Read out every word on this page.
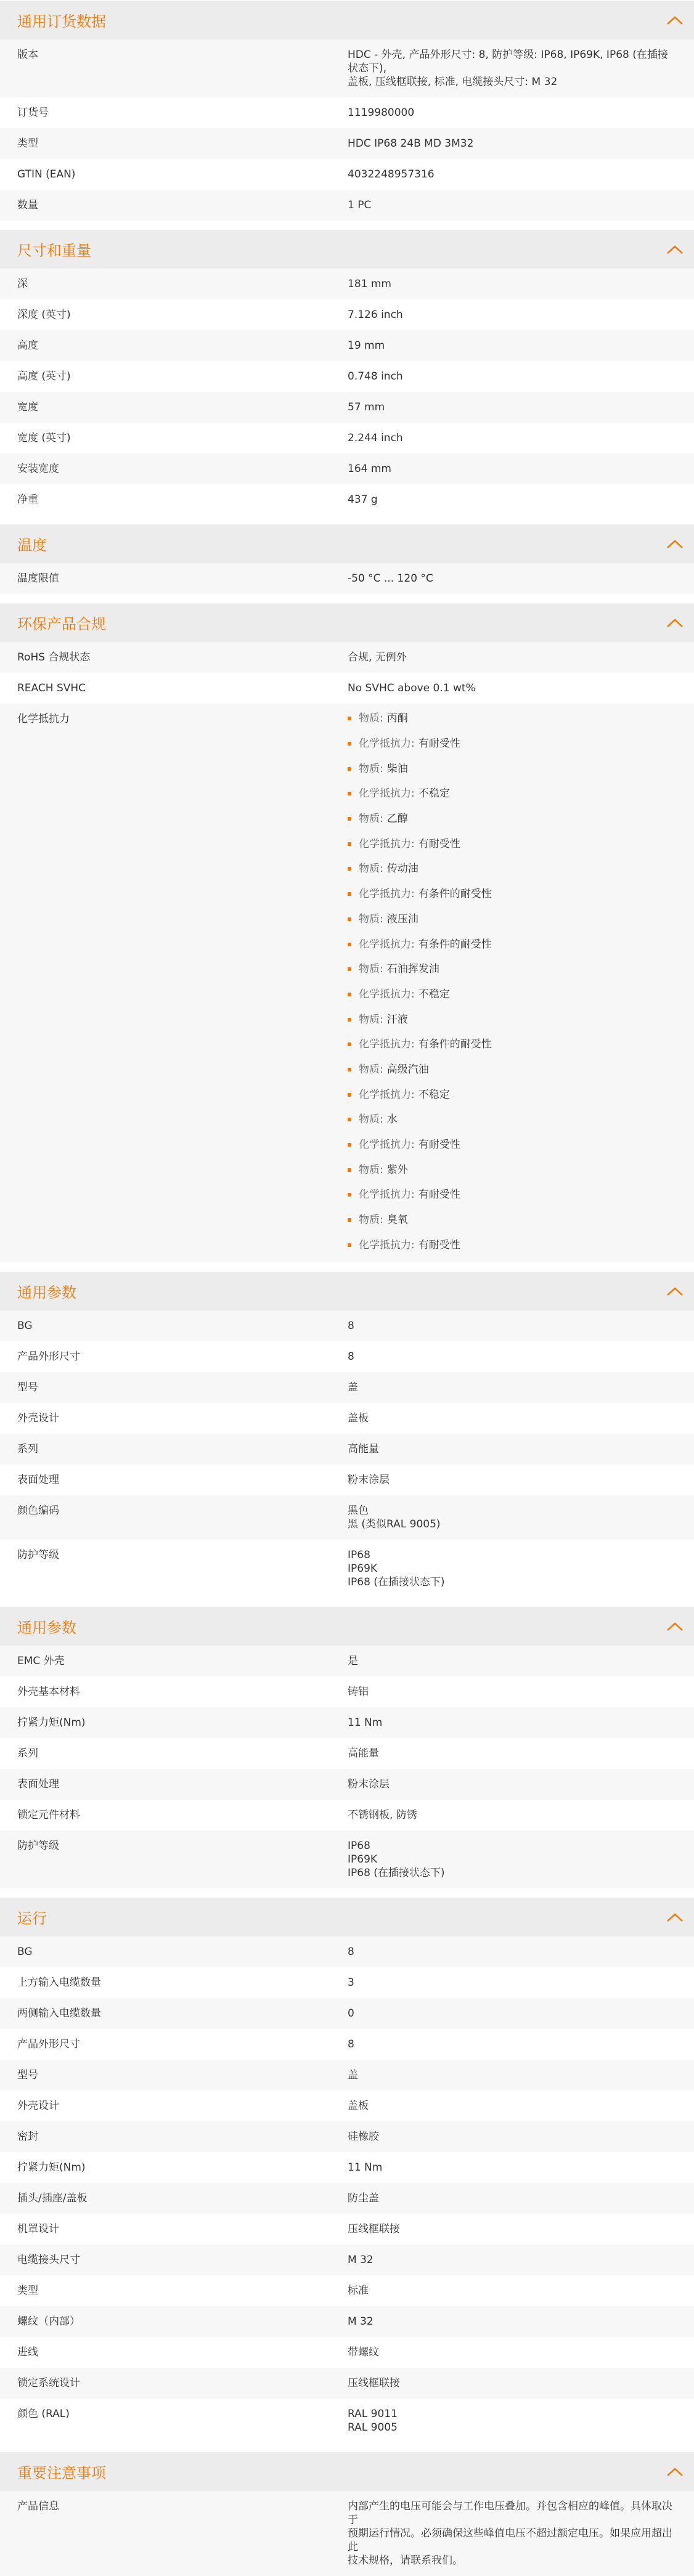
通用订货数据
版本	HDC - 外壳, 产品外形尺寸: 8, 防护等级: IP68, IP69K, IP68 (在插接状态下),
盖板, 压线框联接, 标准, 电缆接头尺寸: M 32
订货号	1119980000
类型	HDC IP68 24B MD 3M32
GTIN (EAN)	4032248957316
数量	1 PC
尺寸和重量
深	181 mm
深度 (英寸)	7.126 inch
高度	19 mm
高度 (英寸)	0.748 inch
宽度	57 mm
宽度 (英寸)	2.244 inch
安装宽度	164 mm
净重	437 g
温度
温度限值	-50 °C ... 120 °C
环保产品合规
RoHS 合规状态	合规, 无例外
REACH SVHC	No SVHC above 0.1 wt%
化学抵抗力	物质:
丙酮
化学抵抗力:
有耐受性
物质:
柴油
化学抵抗力:
不稳定
物质:
乙醇
化学抵抗力:
有耐受性
物质:
传动油
化学抵抗力:
有条件的耐受性
物质:
液压油
化学抵抗力:
有条件的耐受性
物质:
石油挥发油
化学抵抗力:
不稳定
物质:
汗液
化学抵抗力:
有条件的耐受性
物质:
高级汽油
化学抵抗力:
不稳定
物质:
水
化学抵抗力:
有耐受性
物质:
紫外
化学抵抗力:
有耐受性
物质:
臭氧
化学抵抗力:
有耐受性
通用参数
BG	8
产品外形尺寸	8
型号	盖
外壳设计	盖板
系列	高能量
表面处理	粉末涂层
颜色编码	黑色
黑 (类似RAL 9005)
防护等级	IP68
IP69K
IP68 (在插接状态下)
通用参数
EMC 外壳	是
外壳基本材料	铸铝
拧紧力矩(Nm)	11 Nm
系列	高能量
表面处理	粉末涂层
锁定元件材料	不锈钢板, 防锈
防护等级	IP68
IP69K
IP68 (在插接状态下)
运行
BG	8
上方输入电缆数量	3
两侧输入电缆数量	0
产品外形尺寸	8
型号	盖
外壳设计	盖板
密封	硅橡胶
拧紧力矩(Nm)	11 Nm
插头/插座/盖板	防尘盖
机罩设计	压线框联接
电缆接头尺寸	M 32
类型	标准
螺纹（内部）	M 32
进线	带螺纹
锁定系统设计	压线框联接
颜色 (RAL)	RAL 9011
RAL 9005
重要注意事项
产品信息	内部产生的电压可能会与工作电压叠加。并包含相应的峰值。具体取决于
预期运行情况。必须确保这些峰值电压不超过额定电压。如果应用超出此
技术规格，请联系我们。
